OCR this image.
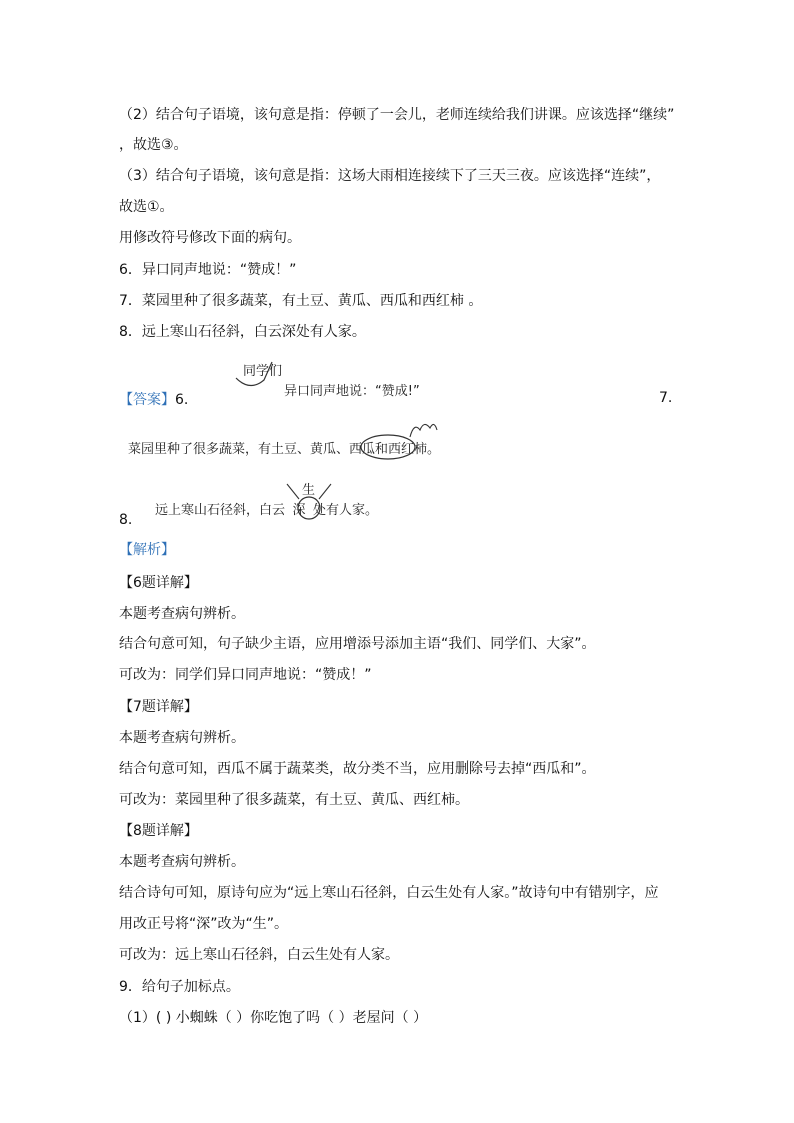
（2）结合句子语境，该句意是指：停顿了一会儿，老师连续给我们讲课。应该选择“继续”
，故选③。
（3）结合句子语境，该句意是指：这场大雨相连接续下了三天三夜。应该选择“连续”，
故选①。
用修改符号修改下面的病句。
6．异口同声地说：“赞成！”
7．菜园里种了很多蔬菜，有土豆、黄瓜、西瓜和西红柿 。
8．远上寒山石径斜，白云深处有人家。
【答案】6.
同学们
异口同声地说：“赞成!”	7.
菜园里种了很多蔬菜，有土豆、黄瓜、西瓜和西红柿。
生
远上寒山石径斜，白云 深 处有人家。
8.
【解析】
【6题详解】
本题考查病句辨析。
结合句意可知，句子缺少主语，应用增添号添加主语“我们、同学们、大家”。
可改为：同学们异口同声地说：“赞成！”
【7题详解】
本题考查病句辨析。
结合句意可知，西瓜不属于蔬菜类，故分类不当，应用删除号去掉“西瓜和”。
可改为：菜园里种了很多蔬菜，有土豆、黄瓜、西红柿。
【8题详解】
本题考查病句辨析。
结合诗句可知，原诗句应为“远上寒山石径斜，白云生处有人家。”故诗句中有错别字，应
用改正号将“深”改为“生”。
可改为：远上寒山石径斜，白云生处有人家。
9．给句子加标点。
（1）( ) 小蜘蛛（ ）你吃饱了吗（ ）老屋问（ ）
